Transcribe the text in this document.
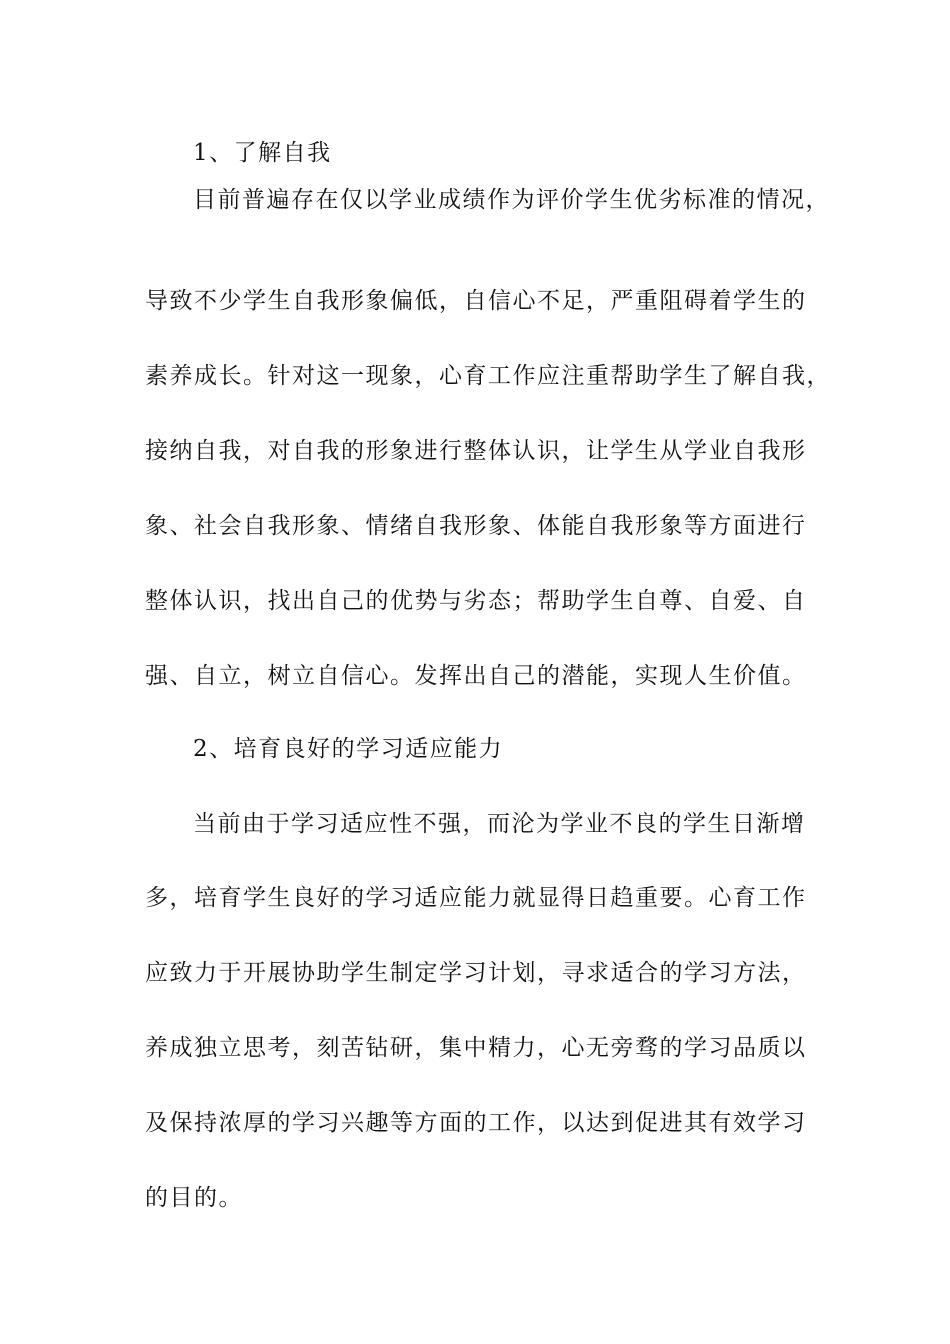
1、了解自我
目前普遍存在仅以学业成绩作为评价学生优劣标准的情况，
导致不少学生自我形象偏低，自信心不足，严重阻碍着学生的
素养成长。针对这一现象，心育工作应注重帮助学生了解自我，
接纳自我，对自我的形象进行整体认识，让学生从学业自我形
象、社会自我形象、情绪自我形象、体能自我形象等方面进行
整体认识，找出自己的优势与劣态；帮助学生自尊、自爱、自
强、自立，树立自信心。发挥出自己的潜能，实现人生价值。
2、培育良好的学习适应能力
当前由于学习适应性不强，而沦为学业不良的学生日渐增
多，培育学生良好的学习适应能力就显得日趋重要。心育工作
应致力于开展协助学生制定学习计划，寻求适合的学习方法，
养成独立思考，刻苦钻研，集中精力，心无旁骛的学习品质以
及保持浓厚的学习兴趣等方面的工作，以达到促进其有效学习
的目的。
